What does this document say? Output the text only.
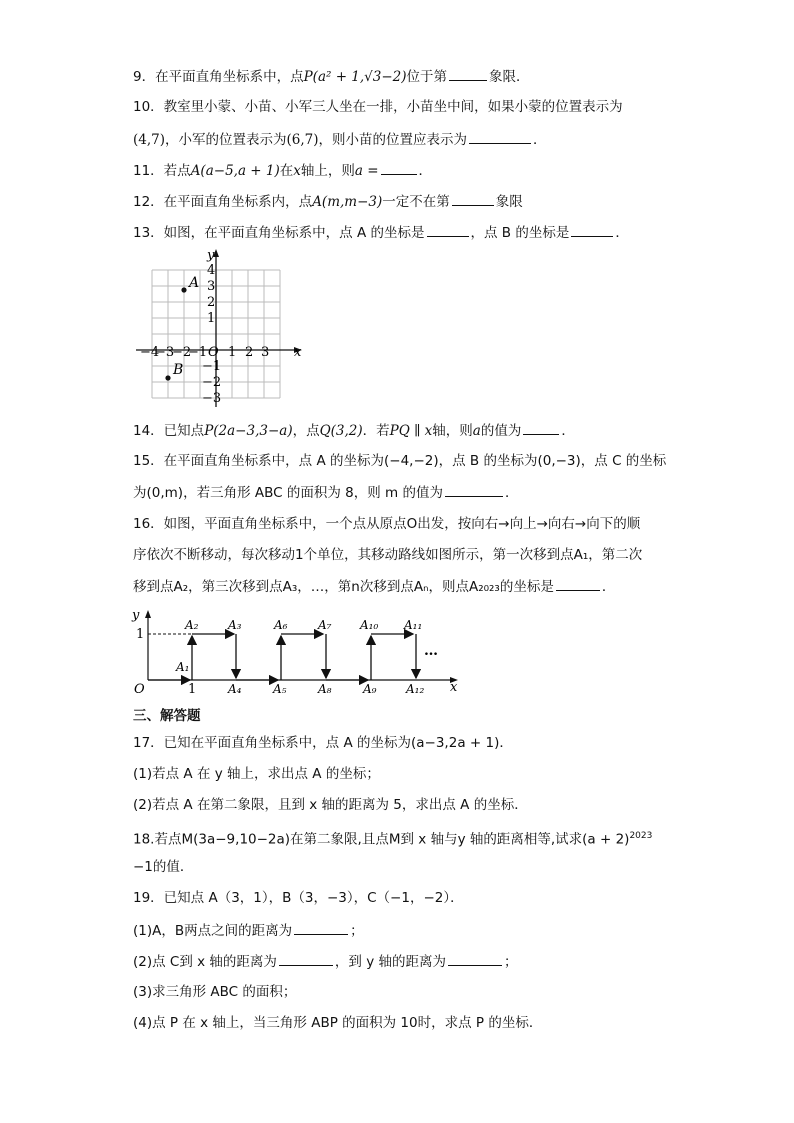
9．在平面直角坐标系中，点P(a² + 1,√3−2)位于第	象限．
10．教室里小蒙、小苗、小军三人坐在一排，小苗坐中间，如果小蒙的位置表示为
(4,7)，小军的位置表示为(6,7)，则小苗的位置应表示为	．
11．若点A(a−5,a + 1)在x轴上，则a =	．
12．在平面直角坐标系内，点A(m,m−3)一定不在第	象限
13．如图，在平面直角坐标系中，点 A 的坐标是	，点 B 的坐标是	．
y
x
O
−4
−3
−2
−1 1 2 3
4
3
2
1
−1
−2
−3
A
B
14．已知点P(2a−3,3−a)，点Q(3,2)．若PQ ∥ x轴，则a的值为	．
15．在平面直角坐标系中，点 A 的坐标为(−4,−2)，点 B 的坐标为(0,−3)，点 C 的坐标
为(0,m)，若三角形 ABC 的面积为 8，则 m 的值为	．
16．如图，平面直角坐标系中，一个点从原点O出发，按向右→向上→向右→向下的顺
序依次不断移动，每次移动1个单位，其移动路线如图所示，第一次移到点A₁，第二次
移到点A₂，第三次移到点A₃，…，第n次移到点Aₙ，则点A₂₀₂₃的坐标是	．
y
x
O
1
1
A₁
A₂ A₃	A₆	A₇ A₁₀ A₁₁
A₄	A₅	A₈	A₉ A₁₂
…
三、解答题
17．已知在平面直角坐标系中，点 A 的坐标为(a−3,2a + 1)．
(1)若点 A 在 y 轴上，求出点 A 的坐标；
(2)若点 A 在第二象限，且到 x 轴的距离为 5，求出点 A 的坐标．
18.若点M(3a−9,10−2a)在第二象限,且点M到 x 轴与y 轴的距离相等,试求$(a + 2)^{2023}$
−1的值．
19．已知点 A（3，1），B（3，−3），C（−1，−2）．
(1)A，B两点之间的距离为	；
(2)点 C到 x 轴的距离为	，到 y 轴的距离为	；
(3)求三角形 ABC 的面积；
(4)点 P 在 x 轴上，当三角形 ABP 的面积为 10时，求点 P 的坐标．
